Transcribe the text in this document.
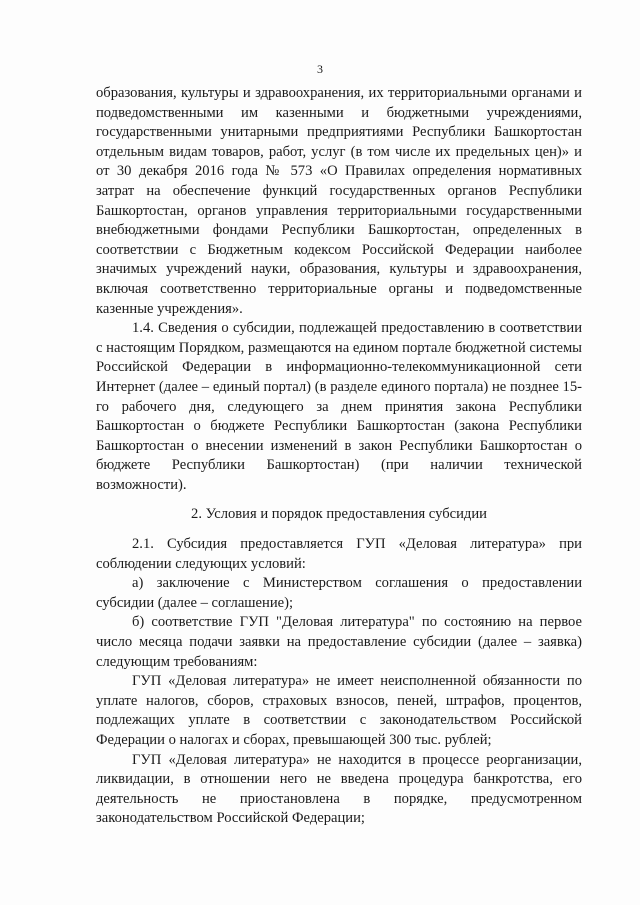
3

образования, культуры и здравоохранения, их территориальными органами и подведомственными им казенными и бюджетными учреждениями, государственными унитарными предприятиями Республики Башкортостан отдельным видам товаров, работ, услуг (в том числе их предельных цен)» и от 30 декабря 2016 года № 573 «О Правилах определения нормативных затрат на обеспечение функций государственных органов Республики Башкортостан, органов управления территориальными государственными внебюджетными фондами Республики Башкортостан, определенных в соответствии с Бюджетным кодексом Российской Федерации наиболее значимых учреждений науки, образования, культуры и здравоохранения, включая соответственно территориальные органы и подведомственные казенные учреждения».

1.4. Сведения о субсидии, подлежащей предоставлению в соответствии с настоящим Порядком, размещаются на едином портале бюджетной системы Российской Федерации в информационно-телекоммуникационной сети Интернет (далее – единый портал) (в разделе единого портала) не позднее 15-го рабочего дня, следующего за днем принятия закона Республики Башкортостан о бюджете Республики Башкортостан (закона Республики Башкортостан о внесении изменений в закон Республики Башкортостан о бюджете Республики Башкортостан) (при наличии технической возможности).

2. Условия и порядок предоставления субсидии

2.1. Субсидия предоставляется ГУП «Деловая литература» при соблюдении следующих условий:

а) заключение с Министерством соглашения о предоставлении субсидии (далее – соглашение);

б) соответствие ГУП "Деловая литература" по состоянию на первое число месяца подачи заявки на предоставление субсидии (далее – заявка) следующим требованиям:

ГУП «Деловая литература» не имеет неисполненной обязанности по уплате налогов, сборов, страховых взносов, пеней, штрафов, процентов, подлежащих уплате в соответствии с законодательством Российской Федерации о налогах и сборах, превышающей 300 тыс. рублей;

ГУП «Деловая литература» не находится в процессе реорганизации, ликвидации, в отношении него не введена процедура банкротства, его деятельность не приостановлена в порядке, предусмотренном законодательством Российской Федерации;
